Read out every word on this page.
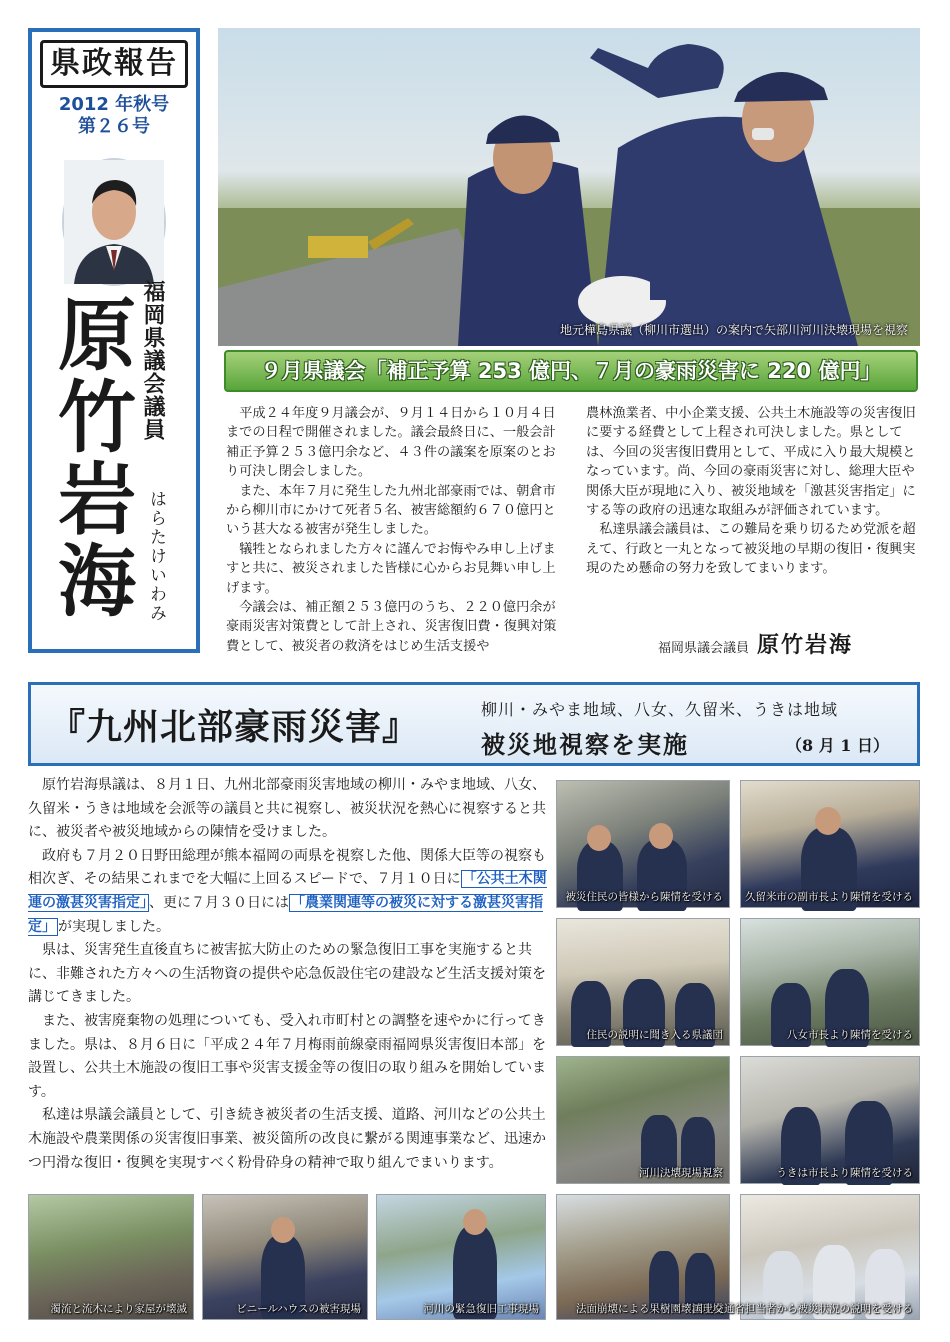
県政報告
2012 年秋号
第２６号
福岡県議会議員
はらたけいわみ
原竹岩海	地元樺島県議（柳川市選出）の案内で矢部川河川決壊現場を視察
９月県議会「補正予算 253 億円、７月の豪雨災害に 220 億円」

平成２４年度９月議会が、９月１４日から１０月４日までの日程で開催されました。議会最終日に、一般会計補正予算２５３億円余など、４３件の議案を原案のとおり可決し閉会しました。

また、本年７月に発生した九州北部豪雨では、朝倉市から柳川市にかけて死者５名、被害総額約６７０億円という甚大なる被害が発生しました。

犠牲となられました方々に謹んでお悔やみ申し上げますと共に、被災されました皆様に心からお見舞い申し上げます。

今議会は、補正額２５３億円のうち、２２０億円余が豪雨災害対策費として計上され、災害復旧費・復興対策費として、被災者の救済をはじめ生活支援や

農林漁業者、中小企業支援、公共土木施設等の災害復旧に要する経費として上程され可決しました。県としては、今回の災害復旧費用として、平成に入り最大規模となっています。尚、今回の豪雨災害に対し、総理大臣や関係大臣が現地に入り、被災地域を「激甚災害指定」にする等の政府の迅速な取組みが評価されています。

私達県議会議員は、この難局を乗り切るため党派を超えて、行政と一丸となって被災地の早期の復旧・復興実現のため懸命の努力を致してまいります。

福岡県議会議員 原竹岩海
『九州北部豪雨災害』	柳川・みやま地域、八女、久留米、うきは地域
被災地視察を実施	（8 月 1 日）

原竹岩海県議は、８月１日、九州北部豪雨災害地域の柳川・みやま地域、八女、久留米・うきは地域を会派等の議員と共に視察し、被災状況を熱心に視察すると共に、被災者や被災地域からの陳情を受けました。

政府も７月２０日野田総理が熊本福岡の両県を視察した他、関係大臣等の視察も相次ぎ、その結果これまでを大幅に上回るスピードで、７月１０日に 「公共土木関連の激甚災害指定」 、更に７月３０日には 「農業関連等の被災に対する激甚災害指定」 が実現しました。

県は、災害発生直後直ちに被害拡大防止のための緊急復旧工事を実施すると共に、非難された方々への生活物資の提供や応急仮設住宅の建設など生活支援対策を講じてきました。

また、被害廃棄物の処理についても、受入れ市町村との調整を速やかに行ってきました。県は、８月６日に「平成２４年７月梅雨前線豪雨福岡県災害復旧本部」を設置し、公共土木施設の復旧工事や災害支援金等の復旧の取り組みを開始しています。

私達は県議会議員として、引き続き被災者の生活支援、道路、河川などの公共土木施設や農業関係の災害復旧事業、被災箇所の改良に繋がる関連事業など、迅速かつ円滑な復旧・復興を実現すべく粉骨砕身の精神で取り組んでまいります。

被災住民の皆様から陳情を受ける 久留米市の副市長より陳情を受ける
住民の説明に聞き入る県議団	八女市長より陳情を受ける
河川決壊現場視察	うきは市長より陳情を受ける
濁流と流木により家屋が壊滅	ビニールハウスの被害現場	河川の緊急復旧工事現場	法面崩壊による果樹園壊滅現場
国土交通省担当者から被災状況の説明を受ける
